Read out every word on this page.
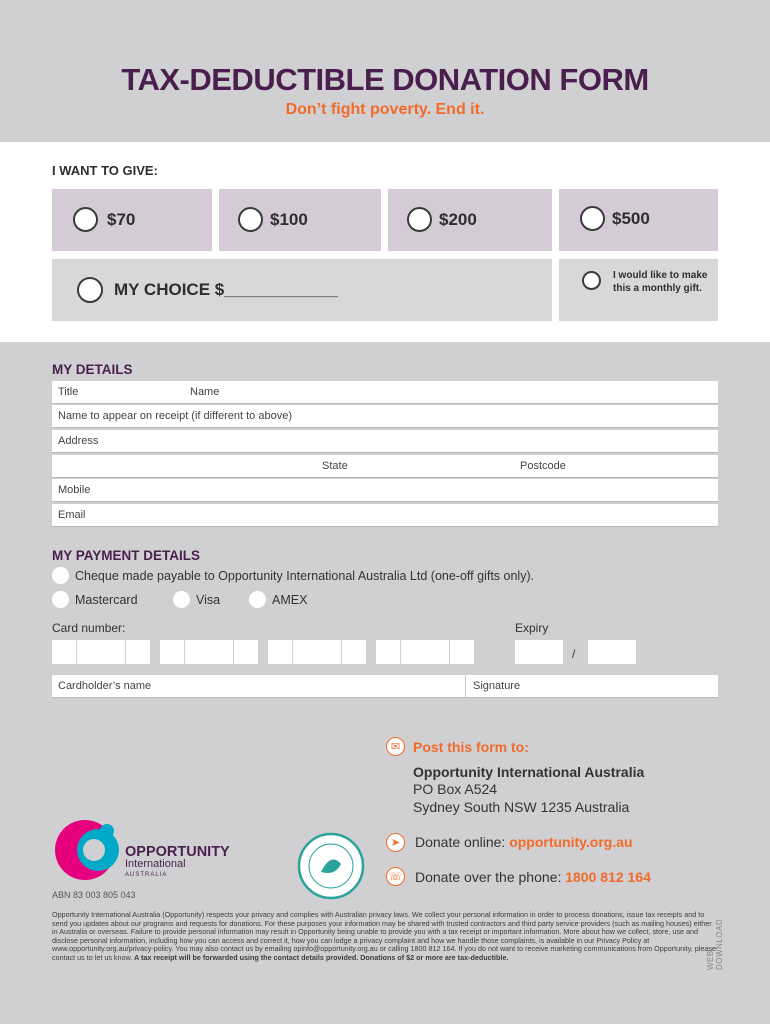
TAX-DEDUCTIBLE DONATION FORM
Don’t fight poverty. End it.
I WANT TO GIVE:
$70	$100	$200	$500
MY CHOICE $____________
I would like to make this a monthly gift.
MY DETAILS
Title	Name
Name to appear on receipt (if different to above)
Address
State	Postcode
Mobile
Email
MY PAYMENT DETAILS
Cheque made payable to Opportunity International Australia Ltd (one-off gifts only).
Mastercard	Visa	AMEX
Card number:	Expiry
/
Cardholder’s name	Signature
✉ Post this form to:
Opportunity International Australia
PO Box A524
Sydney South NSW 1235 Australia
➤	Donate online: opportunity.org.au
☏ Donate over the phone: 1800 812 164
OPPORTUNITY
International
AUSTRALIA
ABN 83 003 805 043
Opportunity International Australia (Opportunity) respects your privacy and complies with Australian privacy laws. We collect your personal information in order to process donations, issue tax receipts and to send you updates about our programs and requests for donations. For these purposes your information may be shared with trusted contractors and third party service providers (such as mailing houses) either in Australia or overseas. Failure to provide personal information may result in Opportunity being unable to provide you with a tax receipt or important information. More about how we collect, store, use and disclose personal information, including how you can access and correct it, how you can lodge a privacy complaint and how we handle those complaints, is available in our Privacy Policy at www.opportunity.org.au/privacy-policy. You may also contact us by emailing opinfo@opportunity.org.au or calling 1800 812 164. If you do not want to receive marketing communications from Opportunity, please contact us to let us know. A tax receipt will be forwarded using the contact details provided. Donations of $2 or more are tax-deductible.	WEB DOWNLOAD
